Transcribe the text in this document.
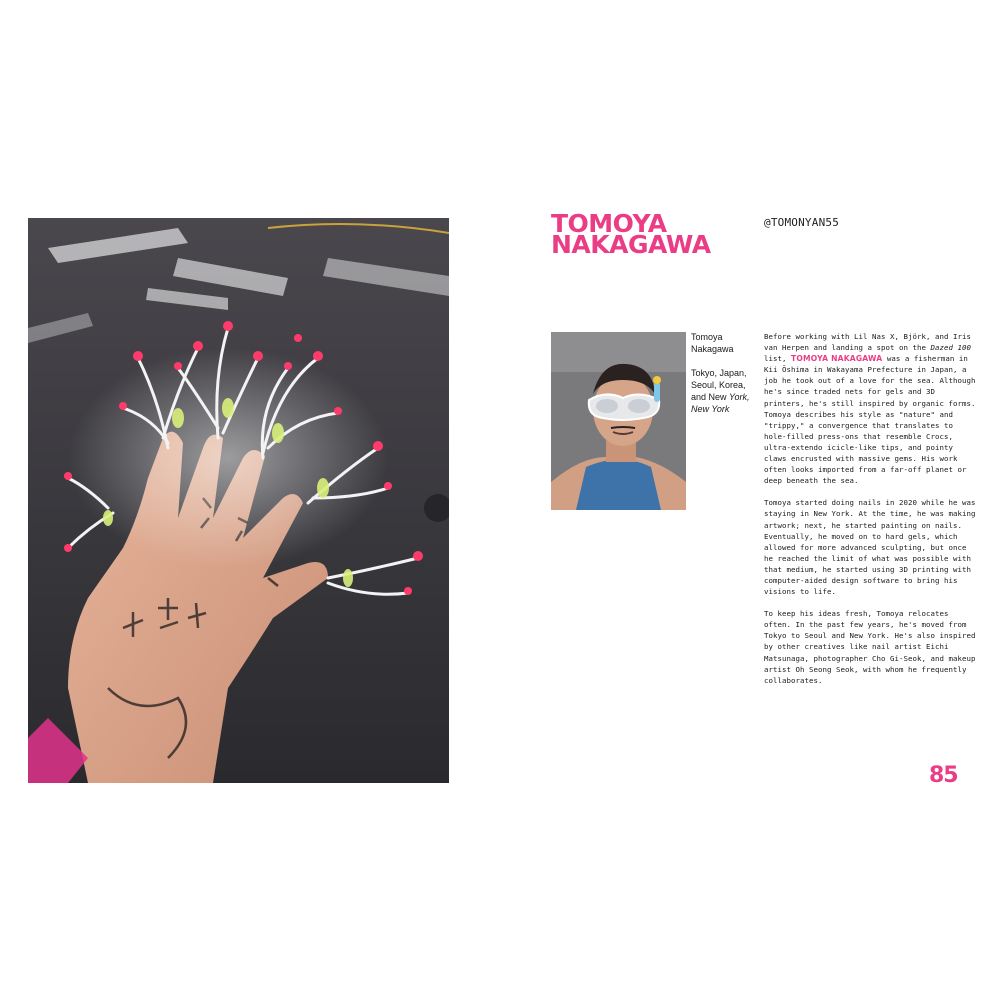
TOMOYA
NAKAGAWA
@TOMONYAN55

Tomoya Nakagawa

Tokyo, Japan, Seoul, Korea, and New York, New York

Before working with Lil Nas X, Björk, and Iris van Herpen and landing a spot on the Dazed 100 list, TOMOYA NAKAGAWA was a fisherman in Kii Ōshima in Wakayama Prefecture in Japan, a job he took out of a love for the sea. Although he's since traded nets for gels and 3D printers, he's still inspired by organic forms. Tomoya describes his style as "nature" and "trippy," a convergence that translates to hole-filled press-ons that resemble Crocs, ultra-extendo icicle-like tips, and pointy claws encrusted with massive gems. His work often looks imported from a far-off planet or deep beneath the sea.

Tomoya started doing nails in 2020 while he was staying in New York. At the time, he was making artwork; next, he started painting on nails. Eventually, he moved on to hard gels, which allowed for more advanced sculpting, but once he reached the limit of what was possible with that medium, he started using 3D printing with computer-aided design software to bring his visions to life.

To keep his ideas fresh, Tomoya relocates often. In the past few years, he's moved from Tokyo to Seoul and New York. He's also inspired by other creatives like nail artist Eichi Matsunaga, photographer Cho Gi-Seok, and makeup artist Oh Seong Seok, with whom he frequently collaborates.

85
